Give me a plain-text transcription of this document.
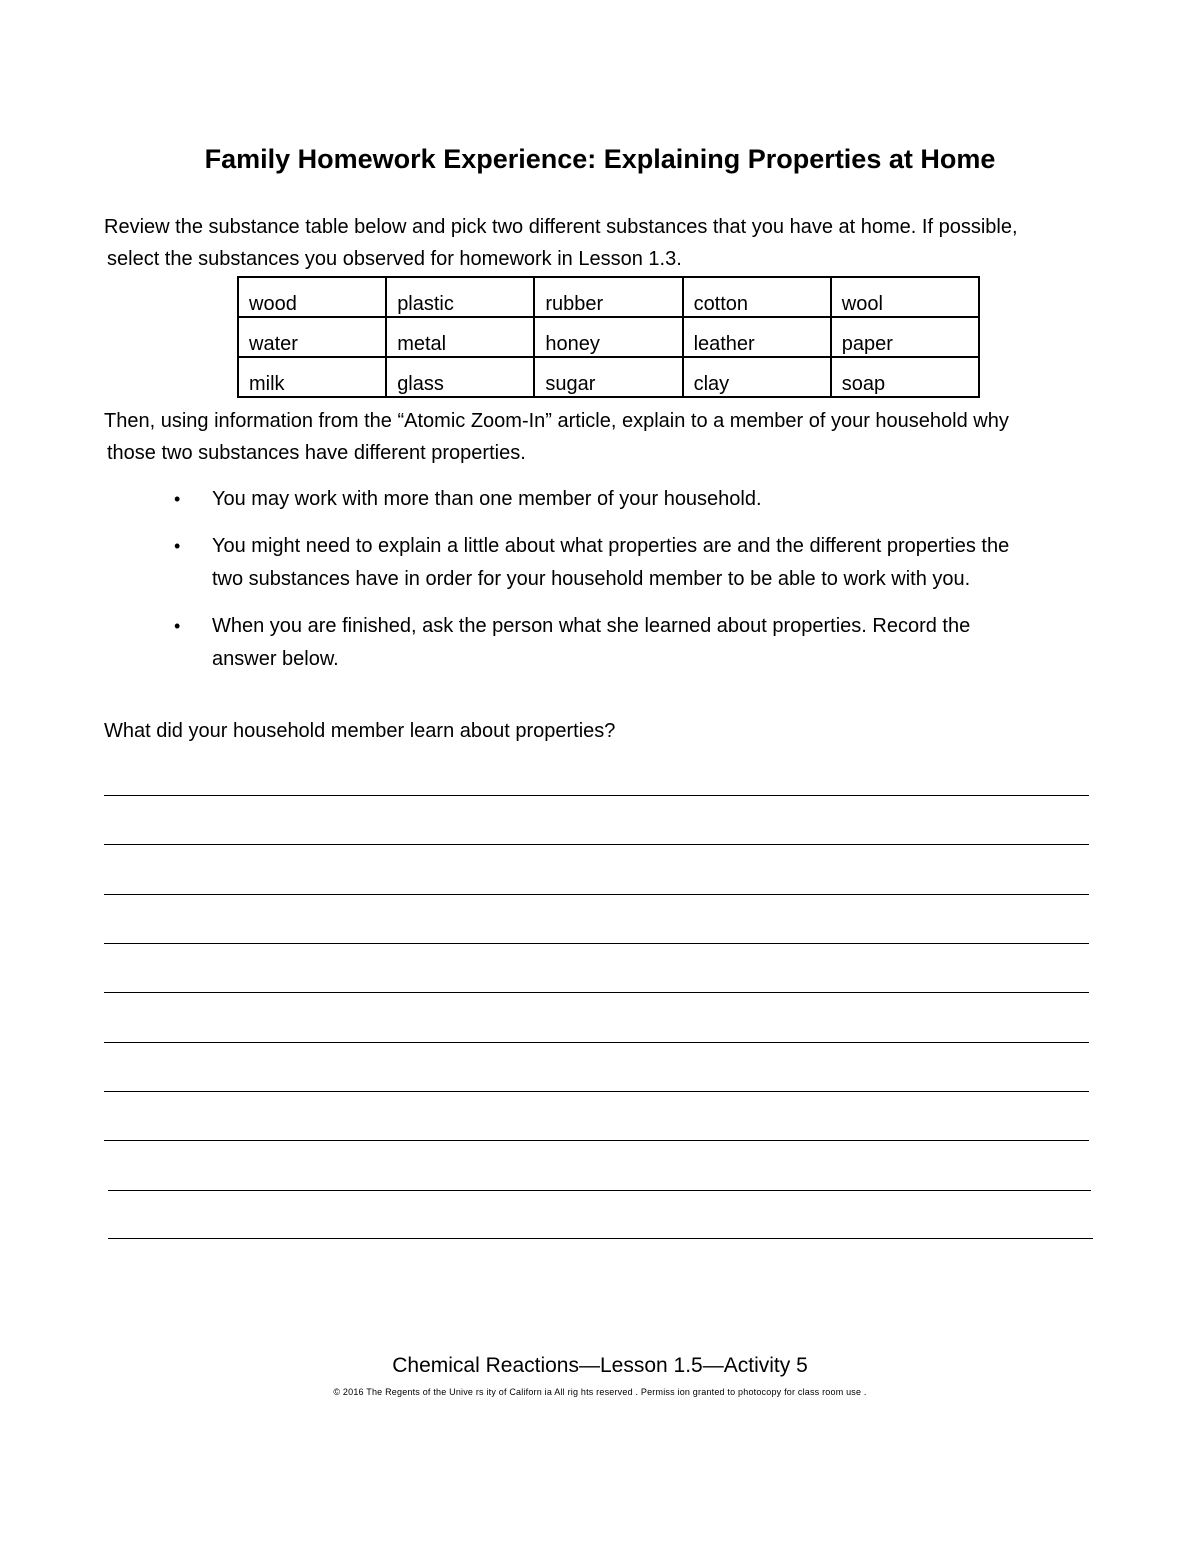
Family Homework Experience: Explaining Properties at Home
Review the substance table below and pick two different substances that you have at home. If possible,
select the substances you observed for homework in Lesson 1.3.
wood	plastic	rubber	cotton	wool
water	metal	honey	leather	paper
milk	glass	sugar	clay	soap
Then, using information from the “Atomic Zoom-In” article, explain to a member of your household why
those two substances have different properties.
• You may work with more than one member of your household.
• You might need to explain a little about what properties are and the different properties the
two substances have in order for your household member to be able to work with you.
• When you are finished, ask the person what she learned about properties. Record the
answer below.
What did your household member learn about properties?
Chemical Reactions—Lesson 1.5—Activity 5
© 2016 The Regents of the Unive rs ity of Californ ia All rig hts reserved . Permiss ion granted to photocopy for class room use .
